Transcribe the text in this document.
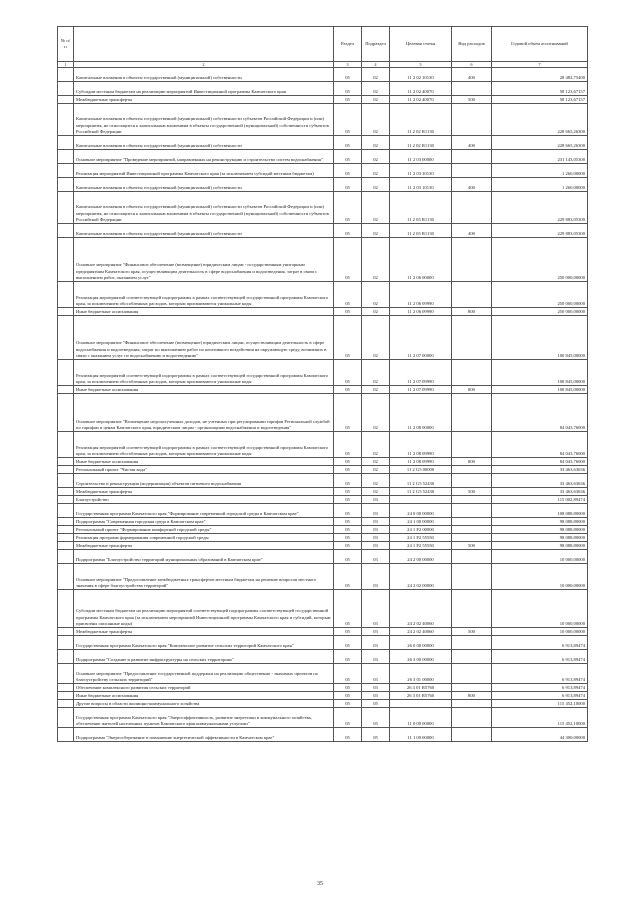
№ п/п		Раздел	Подраздел	Целевая статья	Вид расходов	Годовой объем ассигнований
1	2	3	4	5	6	7
	Капитальные вложения в объекты государственной (муниципальной) собственности	05	02	11 2 02 10130	400	28 482,75400
	Субсидии местным бюджетам на реализацию мероприятий Инвестиционной программы Камчатского края	05	02	11 2 02 40070		58 123,67157
	Межбюджетные трансферты	05	02	11 2 02 40070	500	58 123,67157
	Капитальные вложения в объекты государственной (муниципальной) собственности субъектов Российской Федерации и (или) мероприятия, не относящиеся к капитальным вложениям в объекты государственной (муниципальной) собственности субъектов Российской Федерации	05	02	11 2 02 R1130		228 665,26300
	Капитальные вложения в объекты государственной (муниципальной) собственности	05	02	11 2 02 R1130	400	228 665,26300
	Основное мероприятие "Проведение мероприятий, направленных на реконструкцию и строительство систем водоснабжения"	05	02	11 2 03 00000		231 143,05300
	Реализация мероприятий Инвестиционной программы Камчатского края (за исключением субсидий местным бюджетам)	05	02	11 2 03 10130		1 260,00000
	Капитальные вложения в объекты государственной (муниципальной) собственности	05	02	11 2 03 10130	400	1 260,00000
	Капитальные вложения в объекты государственной (муниципальной) собственности субъектов Российской Федерации и (или) мероприятия, не относящиеся к капитальным вложениям в объекты государственной (муниципальной) собственности субъектов Российской Федерации	05	02	11 2 03 R1130		229 883,05300
	Капитальные вложения в объекты государственной (муниципальной) собственности	05	02	11 2 03 R1130	400	229 883,05300
	Основное мероприятие "Финансовое обеспечение (возмещение) юридическим лицам - государственным унитарным предприятиям Камчатского края, осуществляющим деятельность в сфере водоснабжения и водоотведения, затрат в связи с выполнением работ, оказанием услуг"	05	02	11 2 06 00000		250 000,00000
	Реализация мероприятий соответствующей подпрограммы в рамках соответствующей государственной программы Камчатского края, за исключением обособленных расходов, которым присваиваются уникальные коды	05	02	11 2 06 09990		250 000,00000
	Иные бюджетные ассигнования	05	02	11 2 06 09990	800	250 000,00000
	Основное мероприятие "Финансовое обеспечение (возмещение) юридическим лицам, осуществляющим деятельность в сфере водоснабжения и водоотведения, затрат по выполнению работ по негативного воздействия на окружающую среду, возникших в связи с оказанием услуг по водоснабжению и водоотведению"	05	02	11 2 07 00000		100 845,00000
	Реализация мероприятий соответствующей подпрограммы в рамках соответствующей государственной программы Камчатского края, за исключением обособленных расходов, которым присваиваются уникальные коды	05	02	11 2 07 09990		100 845,00000
	Иные бюджетные ассигнования	05	02	11 2 07 09990	800	100 845,00000
	Основное мероприятие "Возмещение недополученных доходов, не учтенных при регулировании тарифов Региональной службой по тарифам и ценам Камчатского края, юридическим лицам - организациям водоснабжения и водоотведения"	05	02	11 2 08 00000		84 043,76000
	Реализация мероприятий соответствующей подпрограммы в рамках соответствующей государственной программы Камчатского края, за исключением обособленных расходов, которым присваиваются уникальные коды	05	02	11 2 08 09990		84 043,76000
	Иные бюджетные ассигнования	05	02	11 2 08 09990	800	84 043,76000
	Региональный проект "Чистая вода"	05	02	11 2 G5 00000		33 463,63636
	Строительство и реконструкция (модернизация) объектов питьевого водоснабжения	05	02	11 2 G5 52430		33 463,63636
	Межбюджетные трансферты	05	02	11 2 G5 52430	500	33 463,63636
	Благоустройство	05	03			115 002,89474
	Государственная программа Камчатского края "Формирование современной городской среды в Камчатском крае"	05	03	24 0 00 00000		108 088,80000
	Подпрограмма "Современная городская среда в Камчатском крае"	05	03	24 1 00 00000		98 088,80000
	Региональный проект "Формирование комфортной городской среды"	05	03	24 1 F2 00000		98 088,80000
	Реализация программ формирования современной городской среды	05	03	24 1 F2 55550		98 088,80000
	Межбюджетные трансферты	05	03	24 1 F2 55550	500	98 088,80000
	Подпрограмма "Благоустройство территорий муниципальных образований в Камчатском крае"	05	03	24 2 00 00000		10 000,00000
	Основное мероприятие "Предоставление межбюджетных трансфертов местным бюджетам на решение вопросов местного значения в сфере благоустройства территорий"	05	03	24 2 02 00000		10 000,00000
	Субсидии местным бюджетам на реализацию мероприятий соответствующей подпрограммы соответствующей государственной программы Камчатского края (за исключением мероприятий Инвестиционной программы Камчатского края и субсидий, которым присвоены описанные коды)	05	03	24 2 02 40060		10 000,00000
	Межбюджетные трансферты	05	03	24 2 02 40060	500	10 000,00000
	Государственная программа Камчатского края "Комплексное развитие сельских территорий Камчатского края"	05	03	26 0 00 00000		6 913,89474
	Подпрограмма "Создание и развитие инфраструктуры на сельских территориях"	05	03	26 3 00 00000		6 913,89474
	Основное мероприятие "Предоставление государственной поддержки на реализацию общественно - значимых проектов по благоустройству сельских территорий"	05	03	26 3 01 00000		6 913,89474
	Обеспечение комплексного развития сельских территорий	05	03	26 3 01 R5760		6 913,89474
	Иные бюджетные ассигнования	05	03	26 3 01 R5760	800	6 913,89474
	Другие вопросы в области жилищно-коммунального хозяйства	05	05			115 452,10000
	Государственная программа Камчатского края "Энергоэффективность, развитие энергетики и коммунального хозяйства, обеспечение жителей населенных пунктов Камчатского края коммунальными услугами"	05	05	11 0 00 00000		115 452,10000
	Подпрограмма "Энергосбережение и повышение энергетической эффективности в Камчатском крае"	05	05	11 1 00 00000		44 300,00000
35
